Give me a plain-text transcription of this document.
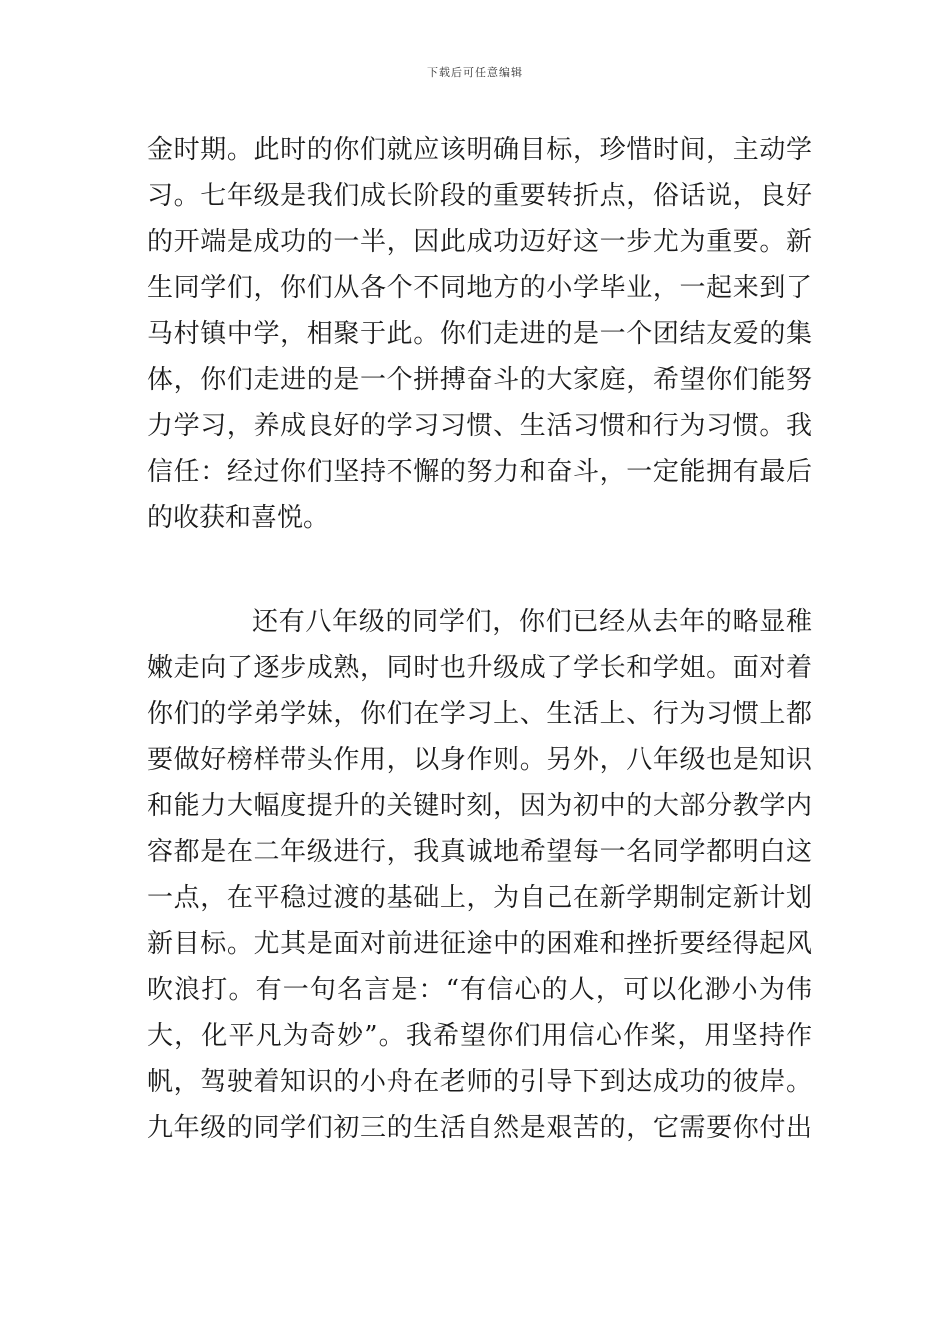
下载后可任意编辑
金时期。此时的你们就应该明确目标，珍惜时间，主动学
习。七年级是我们成长阶段的重要转折点，俗话说，良好
的开端是成功的一半，因此成功迈好这一步尤为重要。新
生同学们，你们从各个不同地方的小学毕业，一起来到了
马村镇中学，相聚于此。你们走进的是一个团结友爱的集
体，你们走进的是一个拼搏奋斗的大家庭，希望你们能努
力学习，养成良好的学习习惯、生活习惯和行为习惯。我
信任：经过你们坚持不懈的努力和奋斗，一定能拥有最后
的收获和喜悦。
还有八年级的同学们，你们已经从去年的略显稚
嫩走向了逐步成熟，同时也升级成了学长和学姐。面对着
你们的学弟学妹，你们在学习上、生活上、行为习惯上都
要做好榜样带头作用，以身作则。另外，八年级也是知识
和能力大幅度提升的关键时刻，因为初中的大部分教学内
容都是在二年级进行，我真诚地希望每一名同学都明白这
一点，在平稳过渡的基础上，为自己在新学期制定新计划
新目标。尤其是面对前进征途中的困难和挫折要经得起风
吹浪打。有一句名言是：“有信心的人，可以化渺小为伟
大，化平凡为奇妙”。我希望你们用信心作桨，用坚持作
帆，驾驶着知识的小舟在老师的引导下到达成功的彼岸。
九年级的同学们初三的生活自然是艰苦的，它需要你付出
